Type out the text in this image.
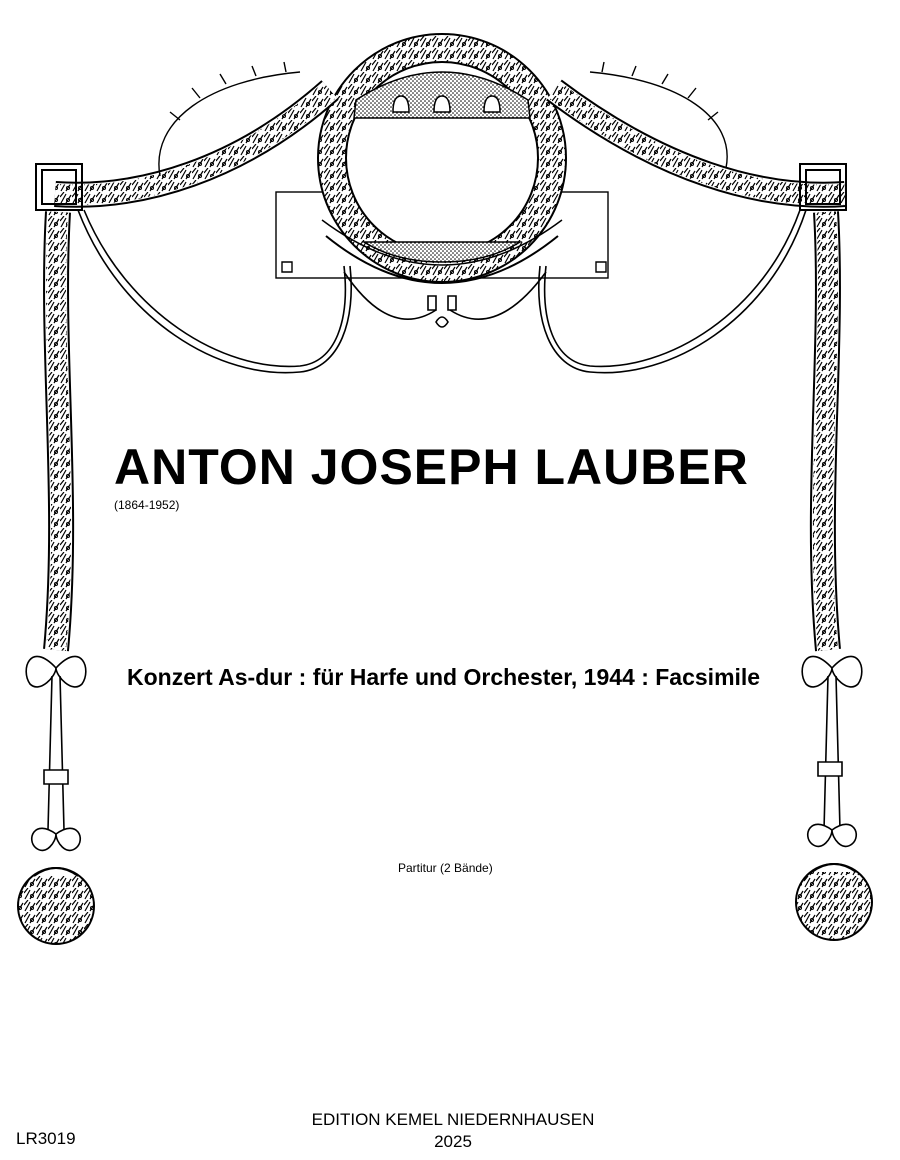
ANTON JOSEPH LAUBER
(1864-1952)
Konzert As-dur : für Harfe und Orchester, 1944 : Facsimile
Partitur (2 Bände)
LR3019
EDITION KEMEL NIEDERNHAUSEN
2025
